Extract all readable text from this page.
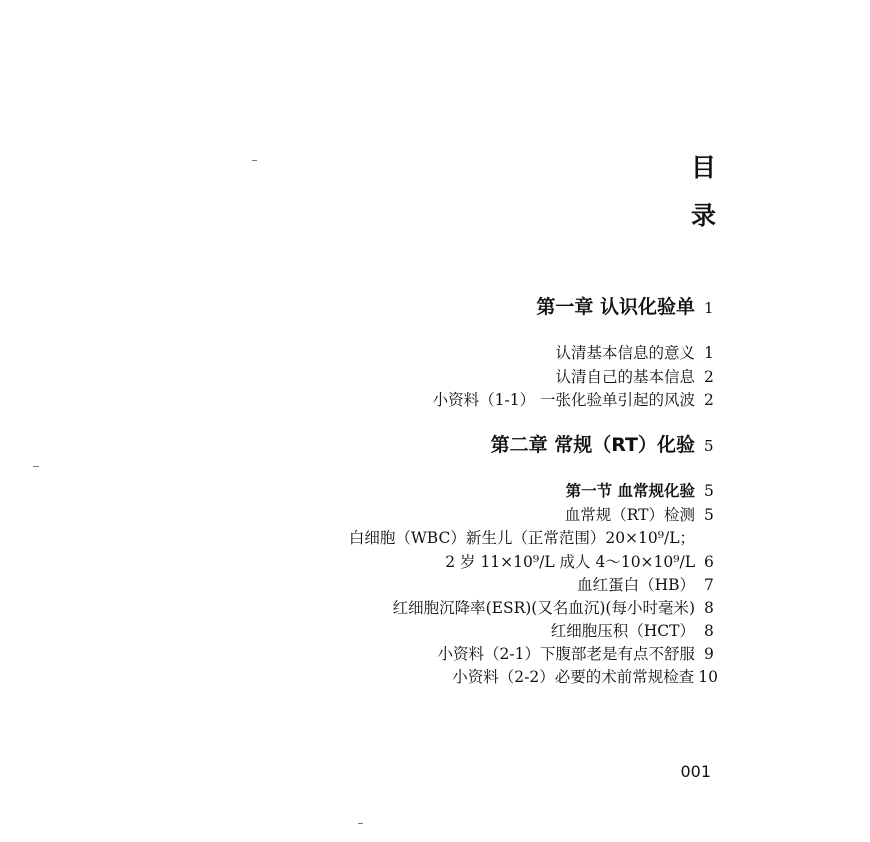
目
录
第一章 认识化验单 1
认清基本信息的意义 1
认清自己的基本信息 2
小资料（1-1） 一张化验单引起的风波 2
第二章 常规（RT）化验 5
第一节 血常规化验 5
血常规（RT）检测 5
白细胞（WBC）新生儿（正常范围）20×10⁹/L；
2 岁 11×10⁹/L 成人 4～10×10⁹/L 6
血红蛋白（HB） 7
红细胞沉降率(ESR)(又名血沉)(每小时毫米) 8
红细胞压积（HCT） 8
小资料（2-1）下腹部老是有点不舒服 9
小资料（2-2）必要的术前常规检查 10
001
